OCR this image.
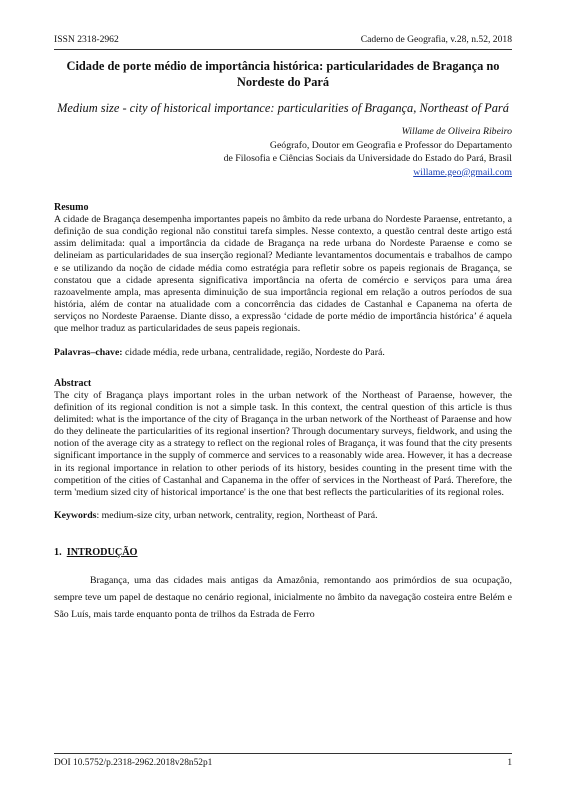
ISSN 2318-2962	Caderno de Geografia, v.28, n.52, 2018

Cidade de porte médio de importância histórica: particularidades de Bragança no Nordeste do Pará

Medium size - city of historical importance: particularities of Bragança, Northeast of Pará

Willame de Oliveira Ribeiro
Geógrafo, Doutor em Geografia e Professor do Departamento
de Filosofia e Ciências Sociais da Universidade do Estado do Pará, Brasil
willame.geo@gmail.com

Resumo

A cidade de Bragança desempenha importantes papeis no âmbito da rede urbana do Nordeste Paraense, entretanto, a definição de sua condição regional não constitui tarefa simples. Nesse contexto, a questão central deste artigo está assim delimitada: qual a importância da cidade de Bragança na rede urbana do Nordeste Paraense e como se delineiam as particularidades de sua inserção regional? Mediante levantamentos documentais e trabalhos de campo e se utilizando da noção de cidade média como estratégia para refletir sobre os papeis regionais de Bragança, se constatou que a cidade apresenta significativa importância na oferta de comércio e serviços para uma área razoavelmente ampla, mas apresenta diminuição de sua importância regional em relação a outros períodos de sua história, além de contar na atualidade com a concorrência das cidades de Castanhal e Capanema na oferta de serviços no Nordeste Paraense. Diante disso, a expressão ‘cidade de porte médio de importância histórica’ é aquela que melhor traduz as particularidades de seus papeis regionais.

Palavras–chave: cidade média, rede urbana, centralidade, região, Nordeste do Pará.

Abstract

The city of Bragança plays important roles in the urban network of the Northeast of Paraense, however, the definition of its regional condition is not a simple task. In this context, the central question of this article is thus delimited: what is the importance of the city of Bragança in the urban network of the Northeast of Paraense and how do they delineate the particularities of its regional insertion? Through documentary surveys, fieldwork, and using the notion of the average city as a strategy to reflect on the regional roles of Bragança, it was found that the city presents significant importance in the supply of commerce and services to a reasonably wide area. However, it has a decrease in its regional importance in relation to other periods of its history, besides counting in the present time with the competition of the cities of Castanhal and Capanema in the offer of services in the Northeast of Pará. Therefore, the term 'medium sized city of historical importance' is the one that best reflects the particularities of its regional roles.

Keywords: medium-size city, urban network, centrality, region, Northeast of Pará.

1. INTRODUÇÃO

Bragança, uma das cidades mais antigas da Amazônia, remontando aos primórdios de sua ocupação, sempre teve um papel de destaque no cenário regional, inicialmente no âmbito da navegação costeira entre Belém e São Luís, mais tarde enquanto ponta de trilhos da Estrada de Ferro

DOI 10.5752/p.2318-2962.2018v28n52p1	1
